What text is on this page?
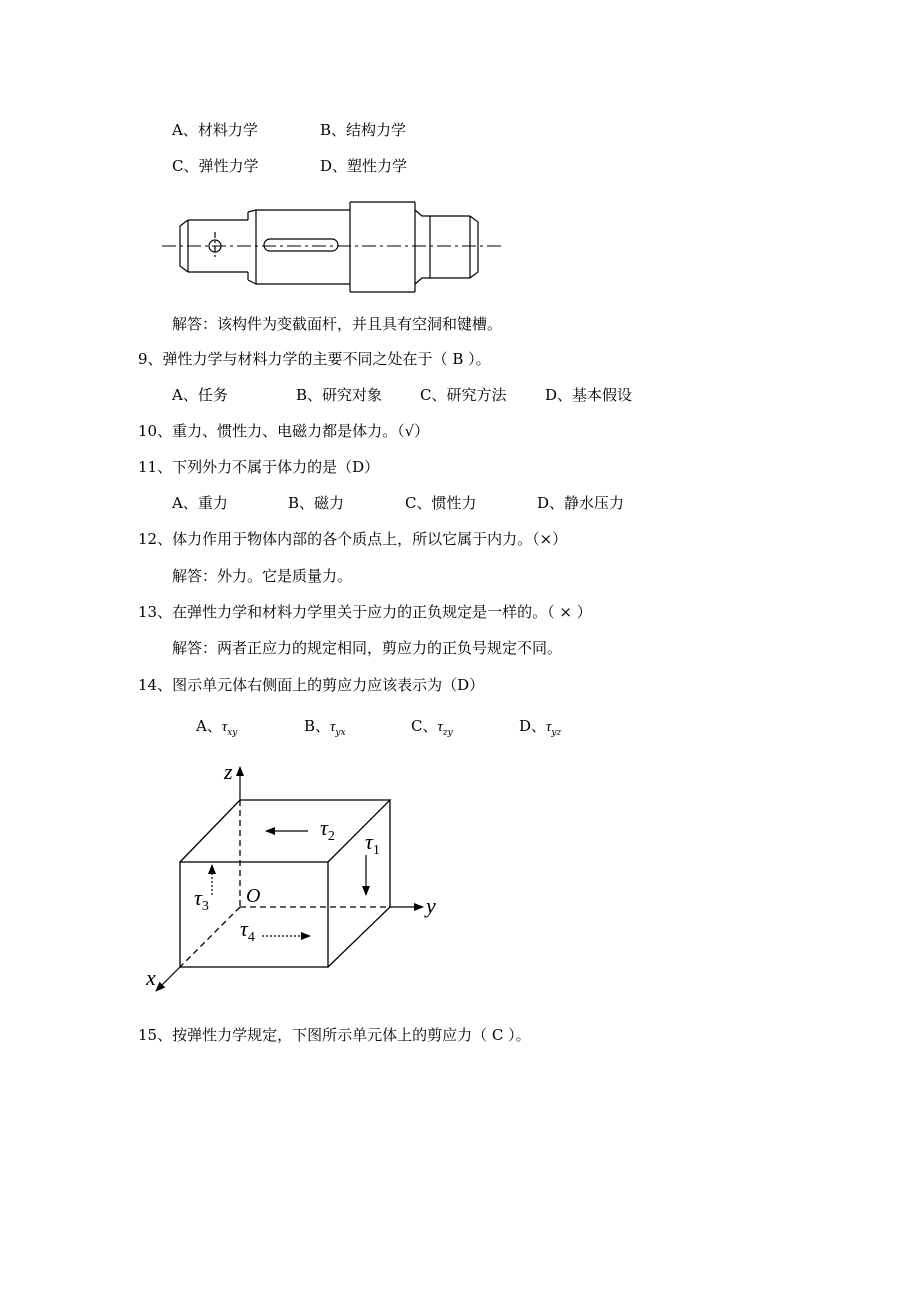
A、材料力学	B、结构力学
C、弹性力学	D、塑性力学
解答：该构件为变截面杆，并且具有空洞和键槽。
9、弹性力学与材料力学的主要不同之处在于（ B ）。
A、任务	B、研究对象	C、研究方法	D、基本假设
10、重力、惯性力、电磁力都是体力。（√）
11、下列外力不属于体力的是（D）
A、重力	B、磁力	C、惯性力	D、静水压力
12、体力作用于物体内部的各个质点上，所以它属于内力。（×）
解答：外力。它是质量力。
13、在弹性力学和材料力学里关于应力的正负规定是一样的。（ × ）
解答：两者正应力的规定相同，剪应力的正负号规定不同。
14、图示单元体右侧面上的剪应力应该表示为（D）
A、$\tau_{xy}$	B、$\tau_{yx}$	C、$\tau_{zy}$	D、$\tau_{yz}$
z
y
x
O
$\tau_2$ $\tau_1$
$\tau_3$
$\tau_4$
15、按弹性力学规定，下图所示单元体上的剪应力（ C ）。
